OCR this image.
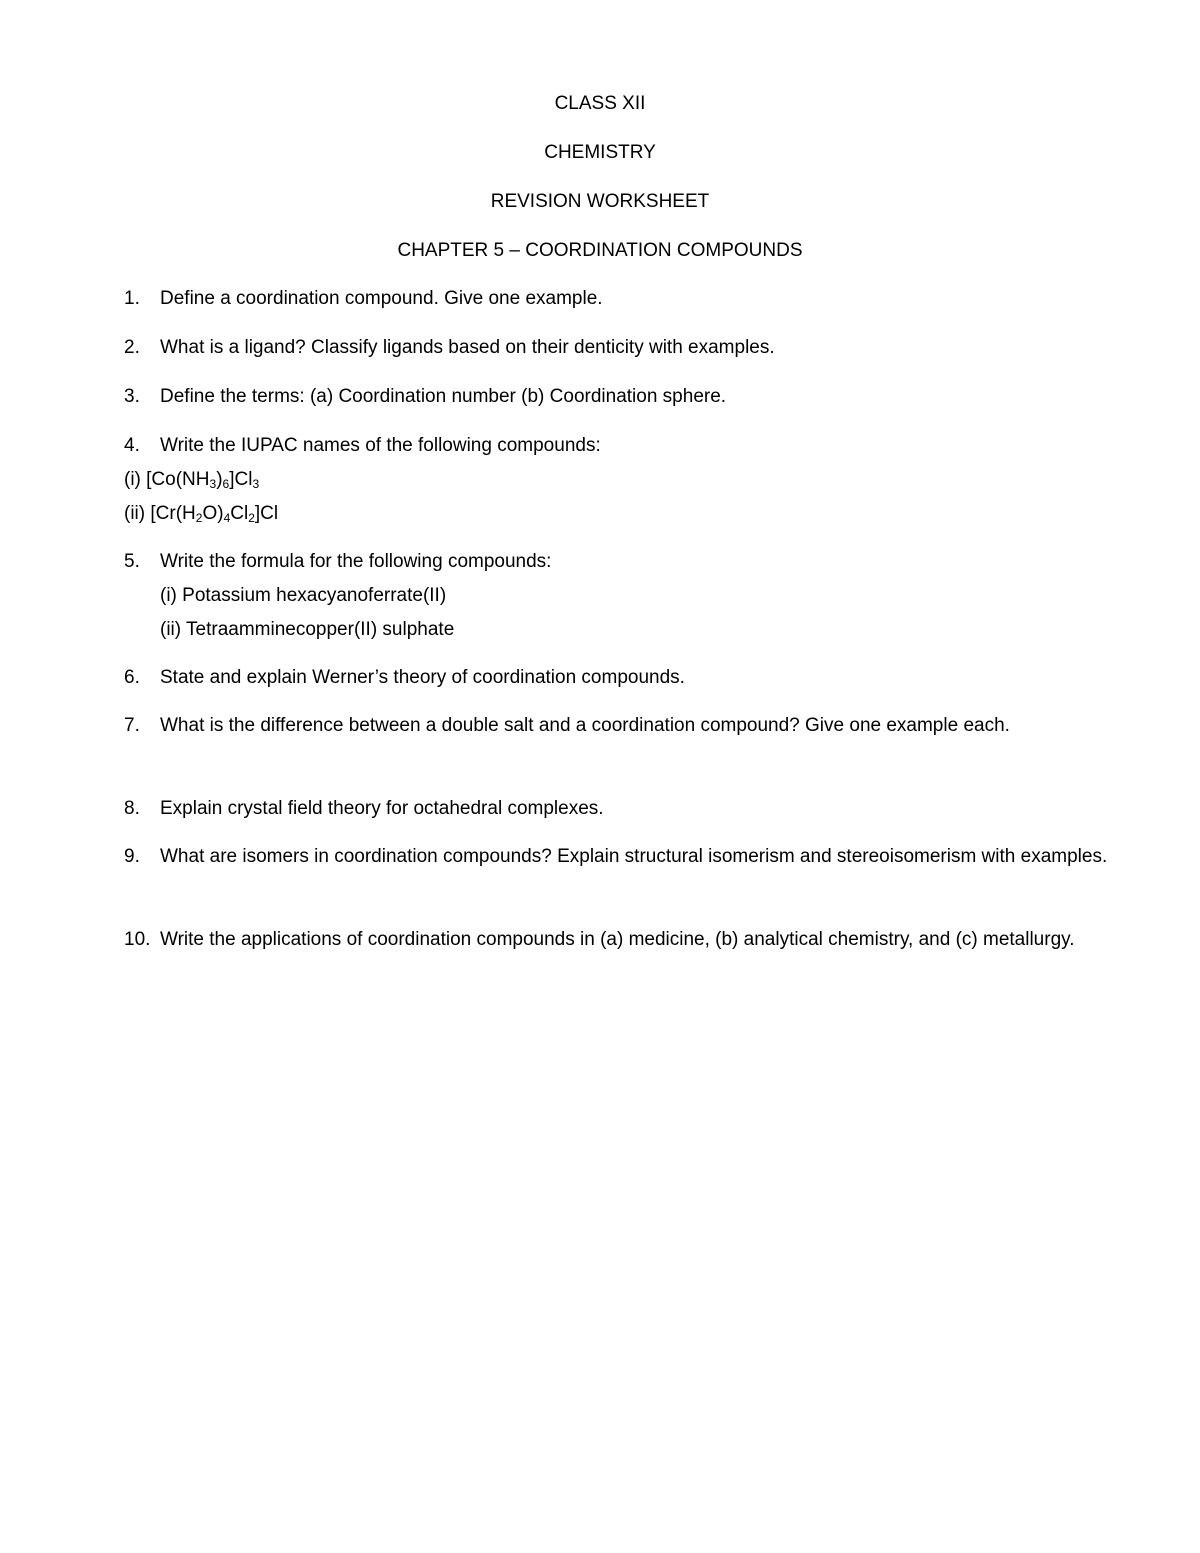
CLASS XII
CHEMISTRY
REVISION WORKSHEET
CHAPTER 5 – COORDINATION COMPOUNDS
1.	Define a coordination compound. Give one example.
2.	What is a ligand? Classify ligands based on their denticity with examples.
3.	Define the terms: (a) Coordination number (b) Coordination sphere.
4.	Write the IUPAC names of the following compounds:
(i) $[Co(NH_3)_6]Cl_3$
(ii) $[Cr(H_2O)_4Cl_2]Cl$
5.	Write the formula for the following compounds:
(i) Potassium hexacyanoferrate(II)
(ii) Tetraamminecopper(II) sulphate
6.	State and explain Werner’s theory of coordination compounds.
7.	What is the difference between a double salt and a coordination compound? Give one example each.
8.	Explain crystal field theory for octahedral complexes.
9.	What are isomers in coordination compounds? Explain structural isomerism and stereoisomerism with examples.
10. Write the applications of coordination compounds in (a) medicine, (b) analytical chemistry, and (c) metallurgy.
